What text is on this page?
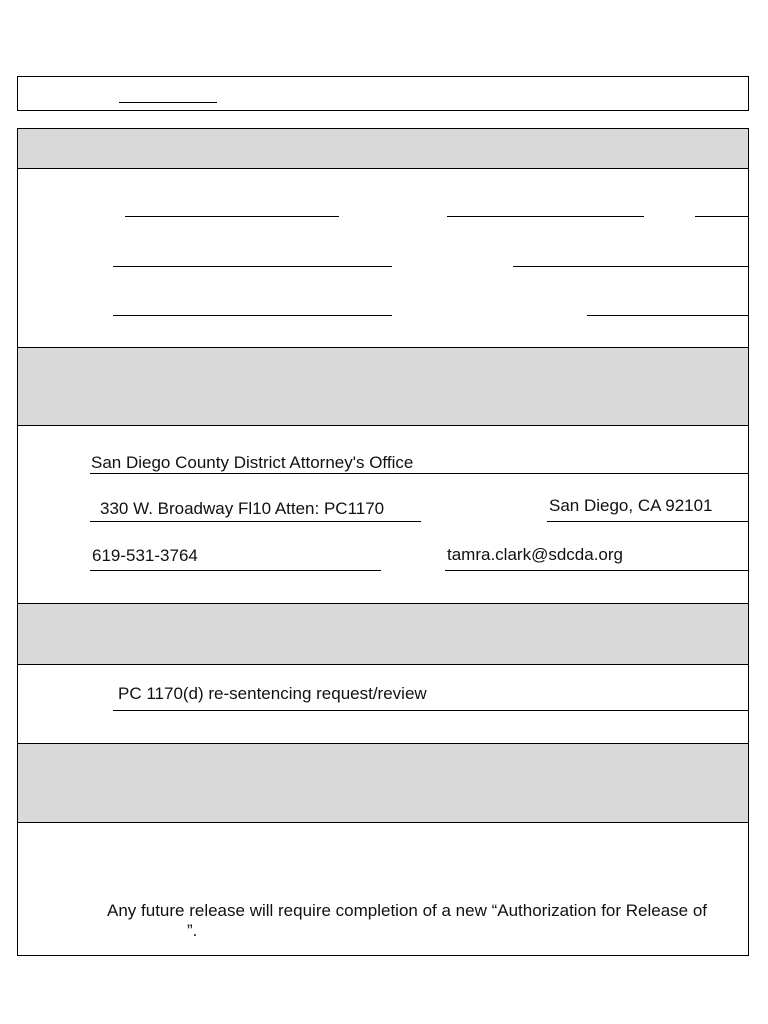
San Diego County District Attorney's Office
330 W. Broadway Fl10 Atten: PC1170	San Diego, CA 92101
619-531-3764	tamra.clark@sdcda.org
PC 1170(d) re-sentencing request/review
Any future release will require completion of a new “Authorization for Release of
”.
